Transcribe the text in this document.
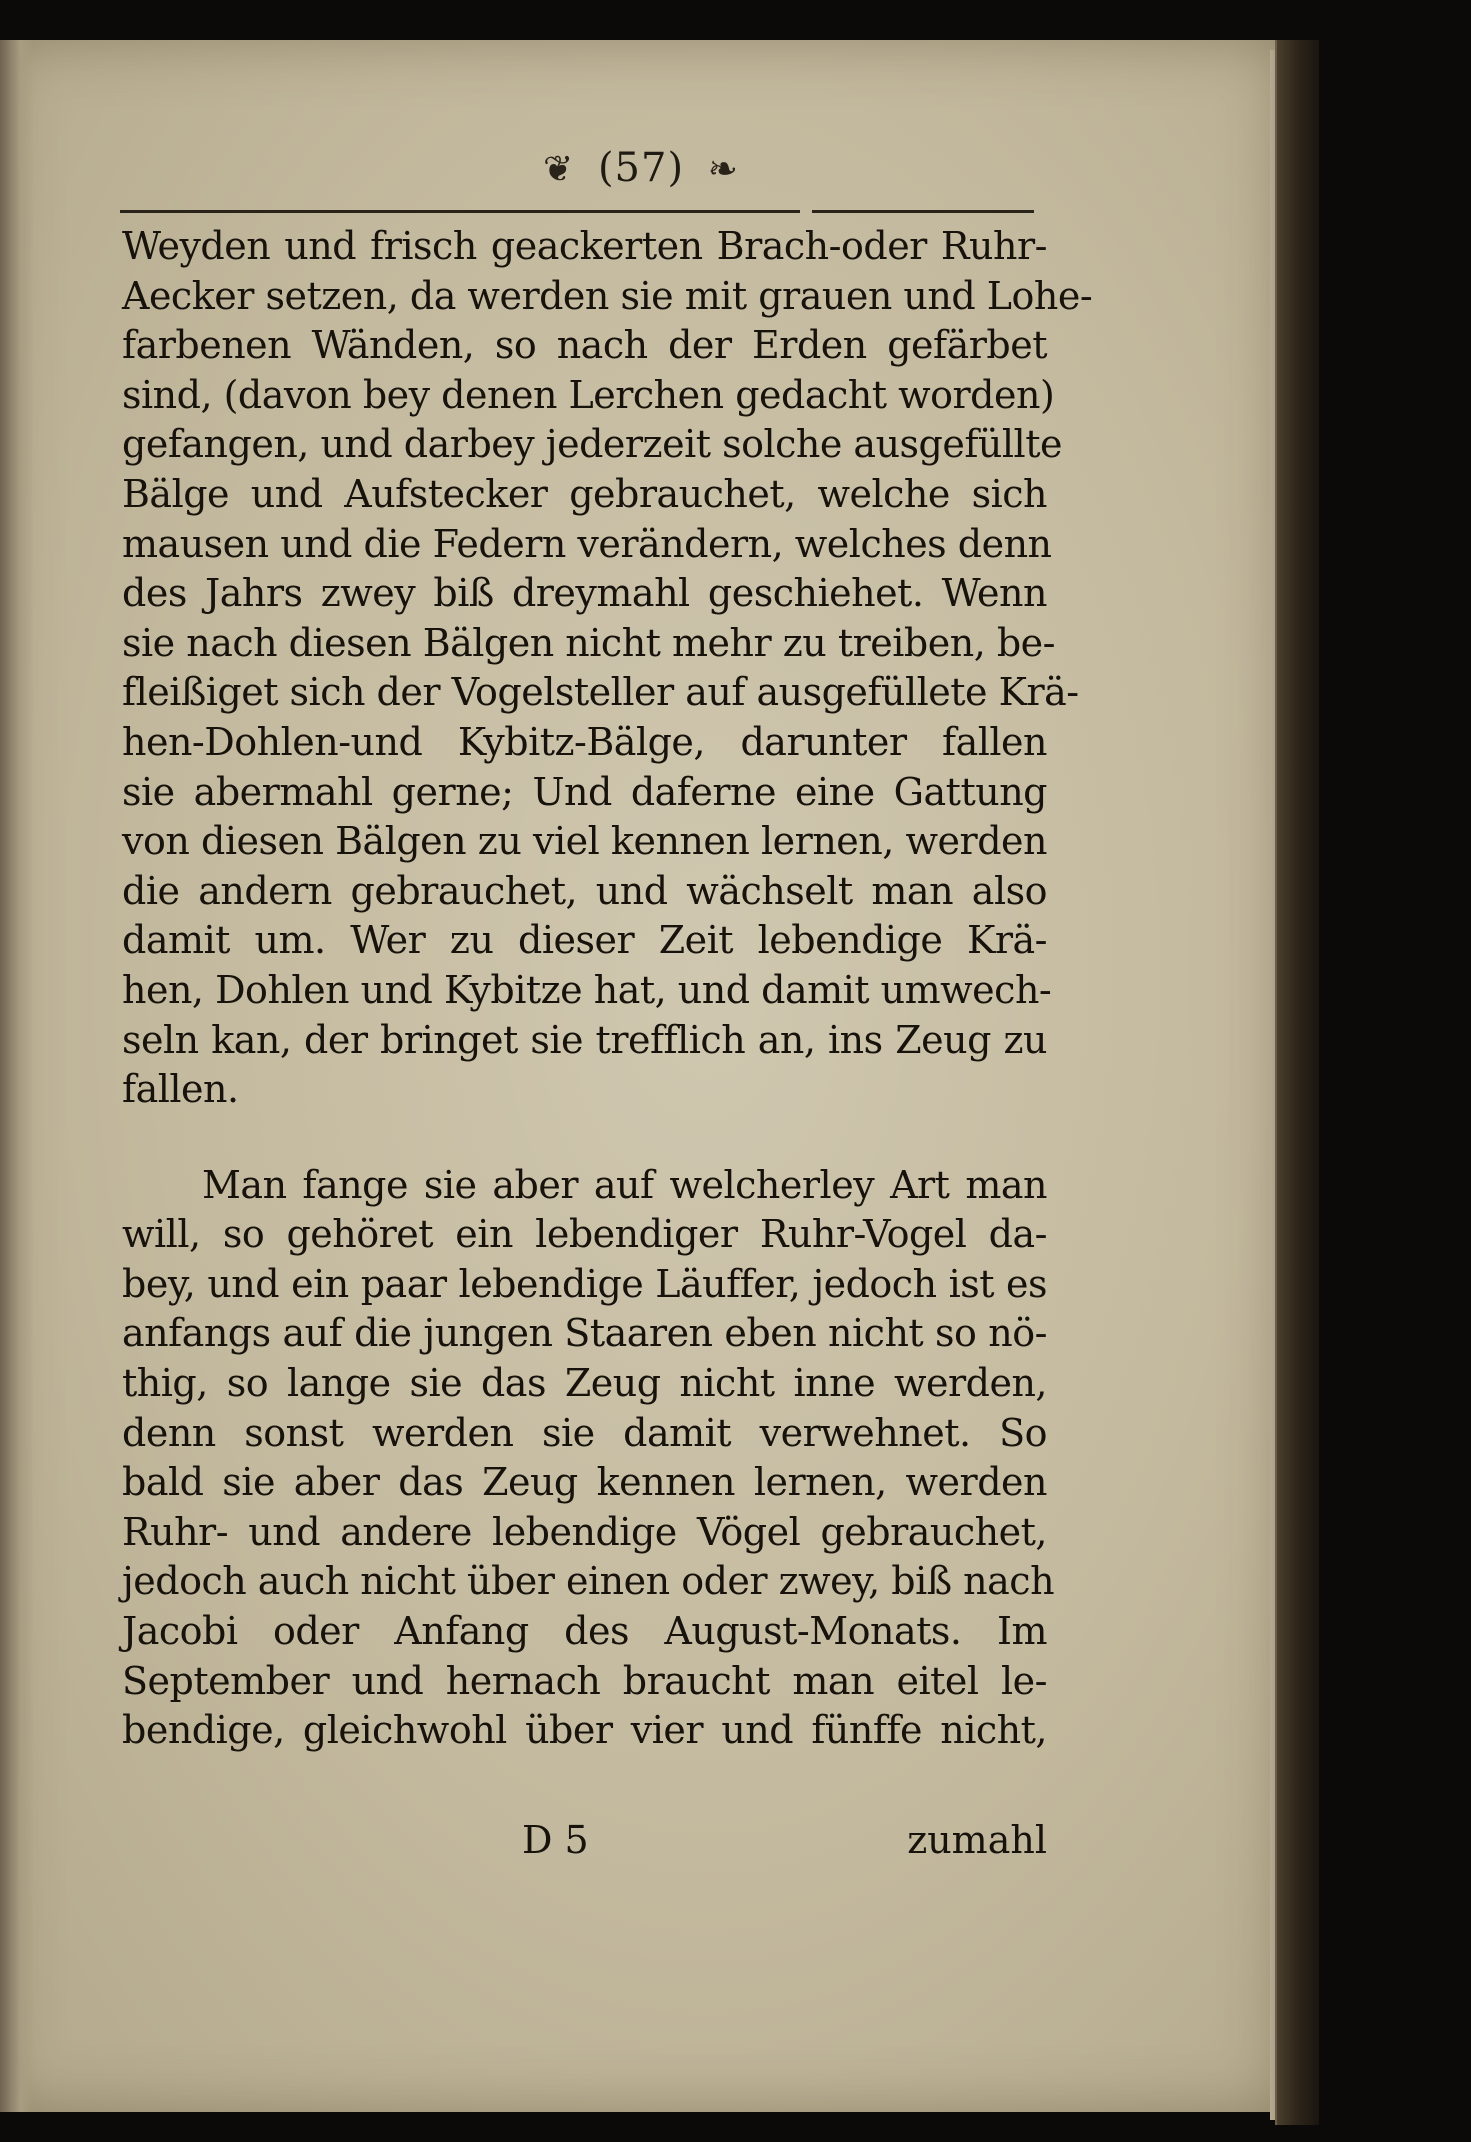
❦ (57) ❧
Weyden und frisch geackerten Brach-oder Ruhr-
Aecker setzen, da werden sie mit grauen und Lohe-
farbenen Wänden, so nach der Erden gefärbet
sind, (davon bey denen Lerchen gedacht worden)
gefangen, und darbey jederzeit solche ausgefüllte
Bälge und Aufstecker gebrauchet, welche sich
mausen und die Federn verändern, welches denn
des Jahrs zwey biß dreymahl geschiehet. Wenn
sie nach diesen Bälgen nicht mehr zu treiben, be-
fleißiget sich der Vogelsteller auf ausgefüllete Krä-
hen-Dohlen-und Kybitz-Bälge, darunter fallen
sie abermahl gerne; Und daferne eine Gattung
von diesen Bälgen zu viel kennen lernen, werden
die andern gebrauchet, und wächselt man also
damit um. Wer zu dieser Zeit lebendige Krä-
hen, Dohlen und Kybitze hat, und damit umwech-
seln kan, der bringet sie trefflich an, ins Zeug zu
fallen.
Man fange sie aber auf welcherley Art man
will, so gehöret ein lebendiger Ruhr-Vogel da-
bey, und ein paar lebendige Läuffer, jedoch ist es
anfangs auf die jungen Staaren eben nicht so nö-
thig, so lange sie das Zeug nicht inne werden,
denn sonst werden sie damit verwehnet. So
bald sie aber das Zeug kennen lernen, werden
Ruhr- und andere lebendige Vögel gebrauchet,
jedoch auch nicht über einen oder zwey, biß nach
Jacobi oder Anfang des August-Monats. Im
September und hernach braucht man eitel le-
bendige, gleichwohl über vier und fünffe nicht,
D 5	zumahl
